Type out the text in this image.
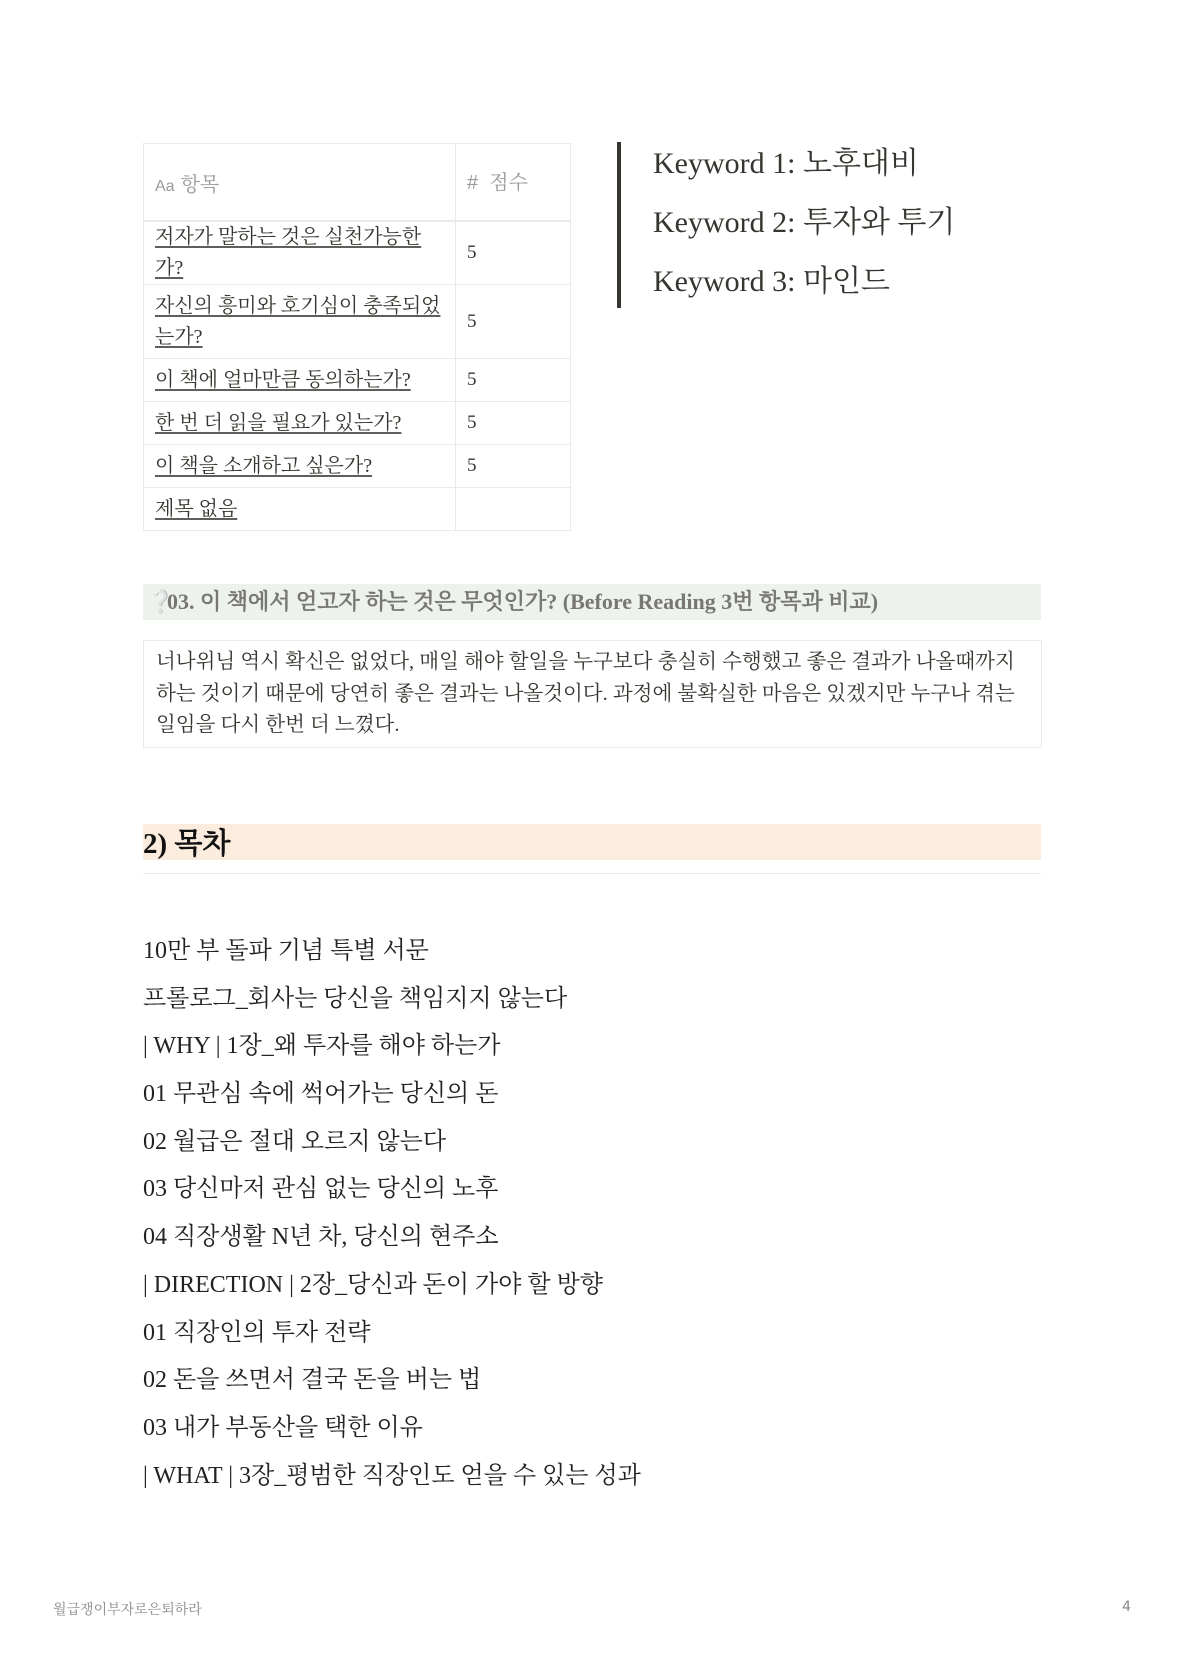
Aa 항목	# 점수
저자가 말하는 것은 실천가능한가?	5
자신의 흥미와 호기심이 충족되었는가?	5
이 책에 얼마만큼 동의하는가?	5
한 번 더 읽을 필요가 있는가?	5
이 책을 소개하고 싶은가?	5
제목 없음	
Keyword 1: 노후대비
Keyword 2: 투자와 투기
Keyword 3: 마인드
❔03. 이 책에서 얻고자 하는 것은 무엇인가? (Before Reading 3번 항목과 비교)
너나위님 역시 확신은 없었다, 매일 해야 할일을 누구보다 충실히 수행했고 좋은 결과가 나올때까지 하는 것이기 때문에 당연히 좋은 결과는 나올것이다. 과정에 불확실한 마음은 있겠지만 누구나 겪는 일임을 다시 한번 더 느꼈다.
2) 목차
10만 부 돌파 기념 특별 서문
프롤로그_회사는 당신을 책임지지 않는다
| WHY | 1장_왜 투자를 해야 하는가
01 무관심 속에 썩어가는 당신의 돈
02 월급은 절대 오르지 않는다
03 당신마저 관심 없는 당신의 노후
04 직장생활 N년 차, 당신의 현주소
| DIRECTION | 2장_당신과 돈이 가야 할 방향
01 직장인의 투자 전략
02 돈을 쓰면서 결국 돈을 버는 법
03 내가 부동산을 택한 이유
| WHAT | 3장_평범한 직장인도 얻을 수 있는 성과
월급쟁이부자로은퇴하라	4
